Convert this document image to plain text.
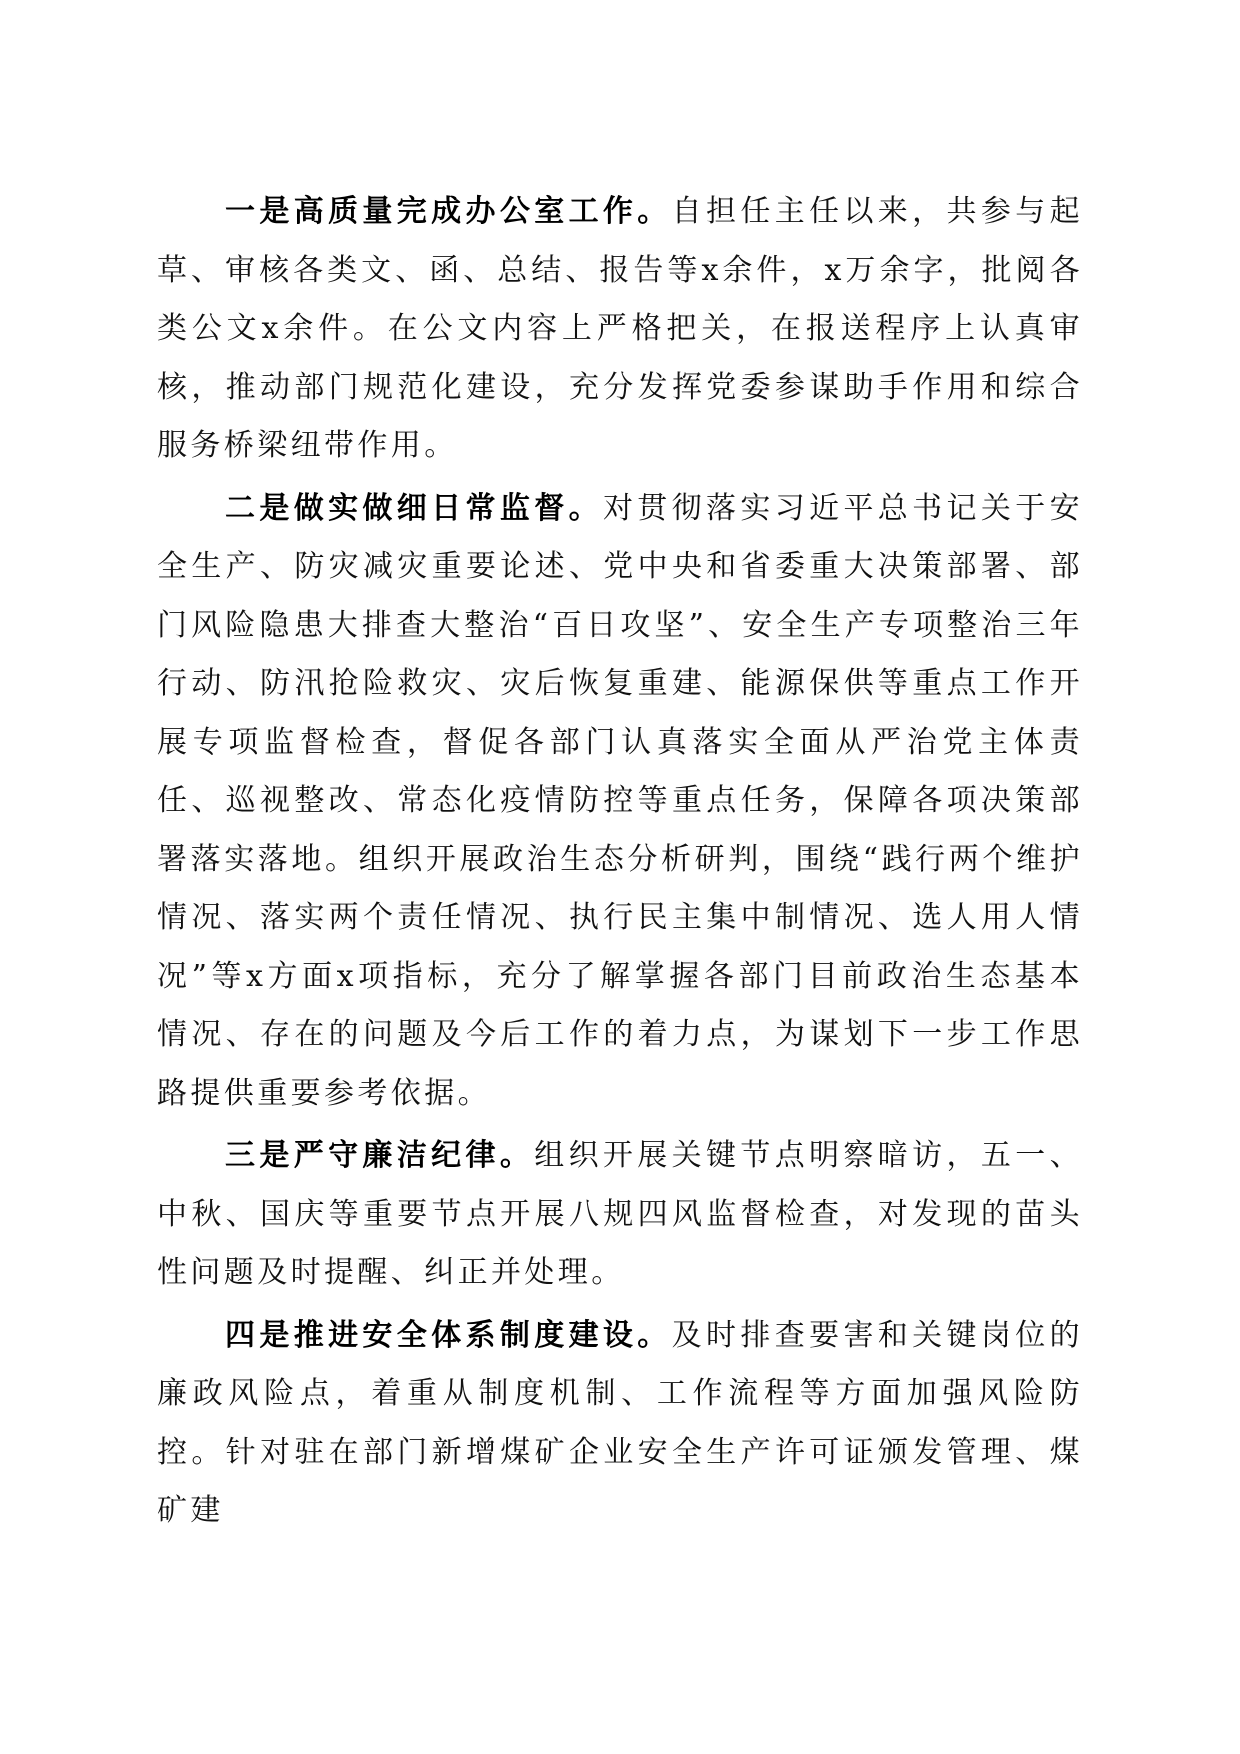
一是高质量完成办公室工作。自担任主任以来，共参与起草、审核各类文、函、总结、报告等x余件，x万余字，批阅各类公文x余件。在公文内容上严格把关，在报送程序上认真审核，推动部门规范化建设，充分发挥党委参谋助手作用和综合服务桥梁纽带作用。

二是做实做细日常监督。对贯彻落实习近平总书记关于安全生产、防灾减灾重要论述、党中央和省委重大决策部署、部门风险隐患大排查大整治“百日攻坚”、安全生产专项整治三年行动、防汛抢险救灾、灾后恢复重建、能源保供等重点工作开展专项监督检查，督促各部门认真落实全面从严治党主体责任、巡视整改、常态化疫情防控等重点任务，保障各项决策部署落实落地。组织开展政治生态分析研判，围绕“践行两个维护情况、落实两个责任情况、执行民主集中制情况、选人用人情况”等x方面x项指标，充分了解掌握各部门目前政治生态基本情况、存在的问题及今后工作的着力点，为谋划下一步工作思路提供重要参考依据。

三是严守廉洁纪律。组织开展关键节点明察暗访，五一、中秋、国庆等重要节点开展八规四风监督检查，对发现的苗头性问题及时提醒、纠正并处理。

四是推进安全体系制度建设。及时排查要害和关键岗位的廉政风险点，着重从制度机制、工作流程等方面加强风险防控。针对驻在部门新增煤矿企业安全生产许可证颁发管理、煤矿建
